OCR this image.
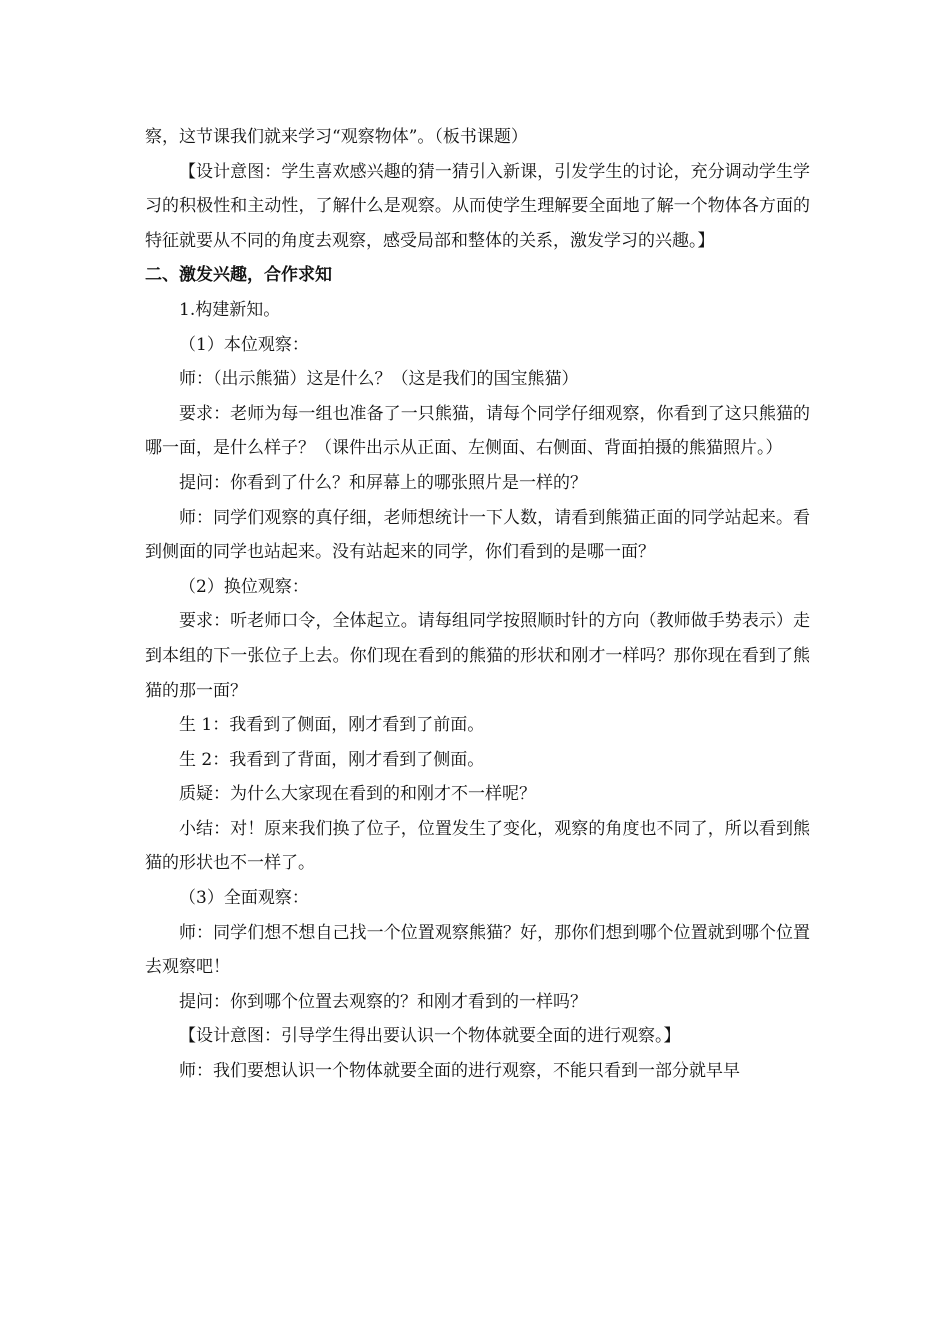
察，这节课我们就来学习“观察物体”。（板书课题）

【设计意图：学生喜欢感兴趣的猜一猜引入新课，引发学生的讨论，充分调动学生学习的积极性和主动性，了解什么是观察。从而使学生理解要全面地了解一个物体各方面的特征就要从不同的角度去观察，感受局部和整体的关系，激发学习的兴趣。】

二、激发兴趣，合作求知

1.构建新知。

（1）本位观察：

师：（出示熊猫）这是什么？（这是我们的国宝熊猫）

要求：老师为每一组也准备了一只熊猫，请每个同学仔细观察，你看到了这只熊猫的哪一面，是什么样子？（课件出示从正面、左侧面、右侧面、背面拍摄的熊猫照片。）

提问：你看到了什么？和屏幕上的哪张照片是一样的？

师：同学们观察的真仔细，老师想统计一下人数，请看到熊猫正面的同学站起来。看到侧面的同学也站起来。没有站起来的同学，你们看到的是哪一面？

（2）换位观察：

要求：听老师口令，全体起立。请每组同学按照顺时针的方向（教师做手势表示）走到本组的下一张位子上去。你们现在看到的熊猫的形状和刚才一样吗？那你现在看到了熊猫的那一面？

生 1：我看到了侧面，刚才看到了前面。

生 2：我看到了背面，刚才看到了侧面。

质疑：为什么大家现在看到的和刚才不一样呢？

小结：对！原来我们换了位子，位置发生了变化，观察的角度也不同了，所以看到熊猫的形状也不一样了。

（3）全面观察：

师：同学们想不想自己找一个位置观察熊猫？好，那你们想到哪个位置就到哪个位置去观察吧！

提问：你到哪个位置去观察的？和刚才看到的一样吗？

【设计意图：引导学生得出要认识一个物体就要全面的进行观察。】

师：我们要想认识一个物体就要全面的进行观察，不能只看到一部分就早早
